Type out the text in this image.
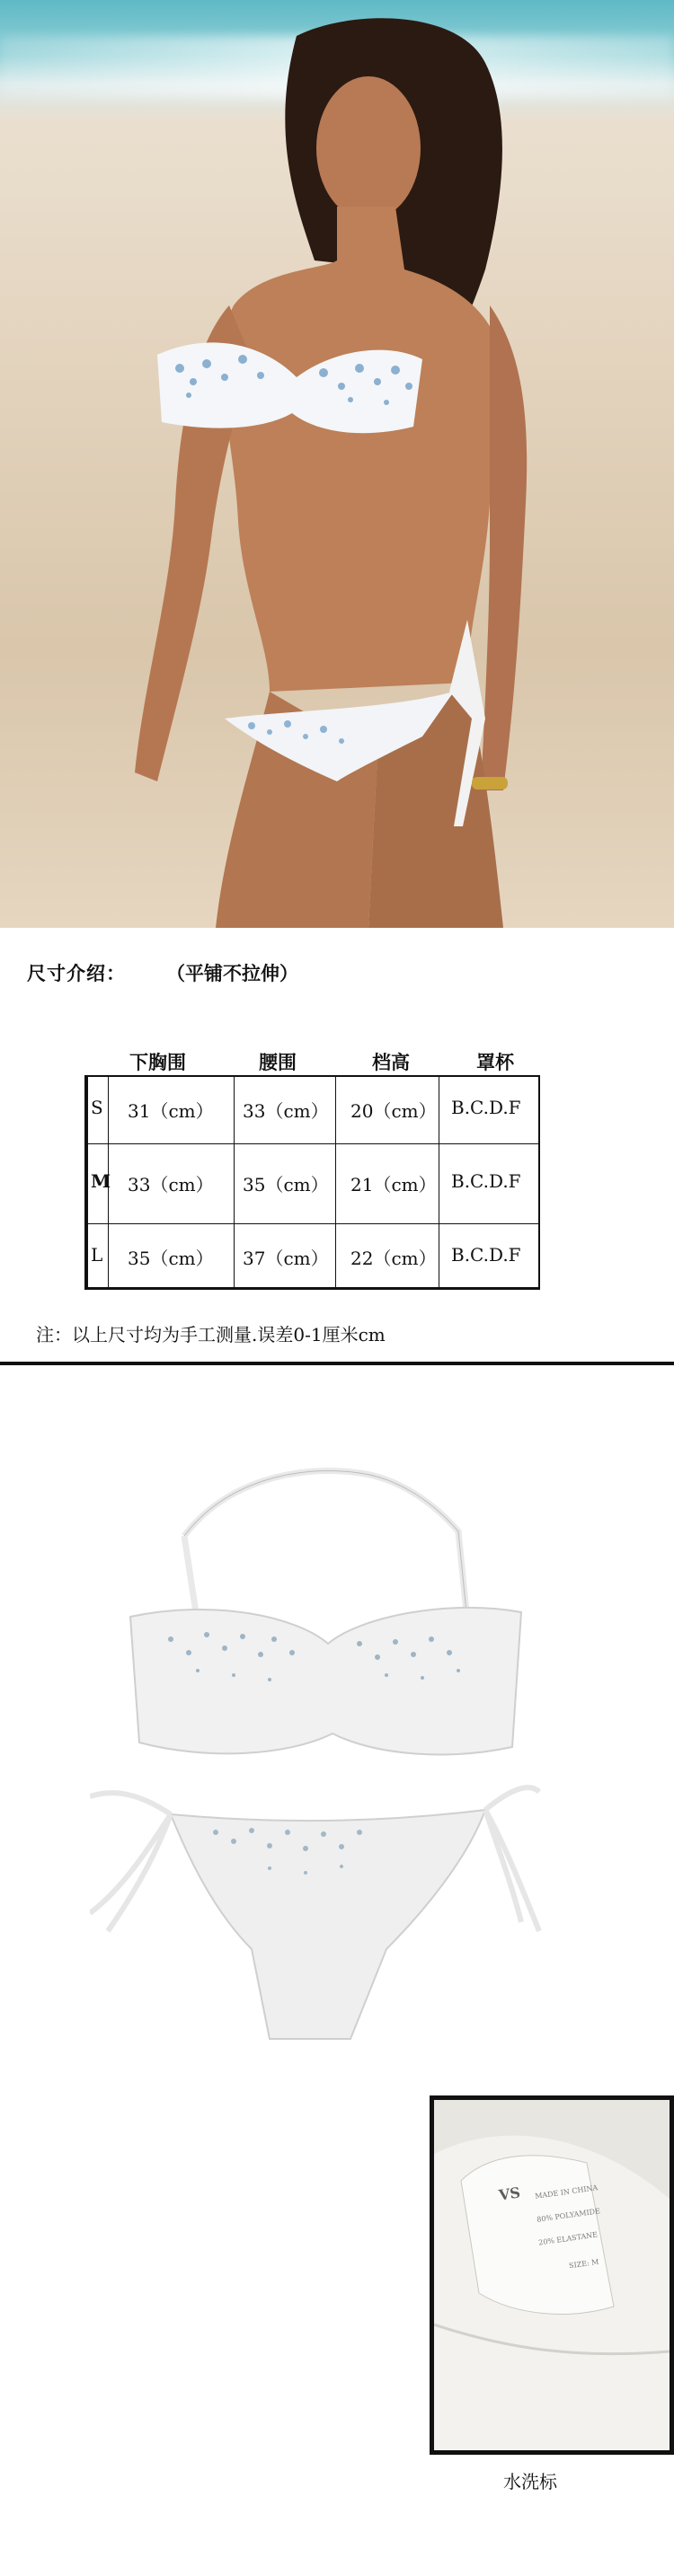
尺寸介绍： （平铺不拉伸）
下胸围	腰围	档高	罩杯
S 31（cm） 33（cm） 20（cm） B.C.D.F
M 33（cm） 35（cm） 21（cm） B.C.D.F
L 35（cm） 37（cm） 22（cm） B.C.D.F
注：以上尺寸均为手工测量.误差0-1厘米cm
VS MADE IN CHINA
80% POLYAMIDE
20% ELASTANE
SIZE: M
水洗标
